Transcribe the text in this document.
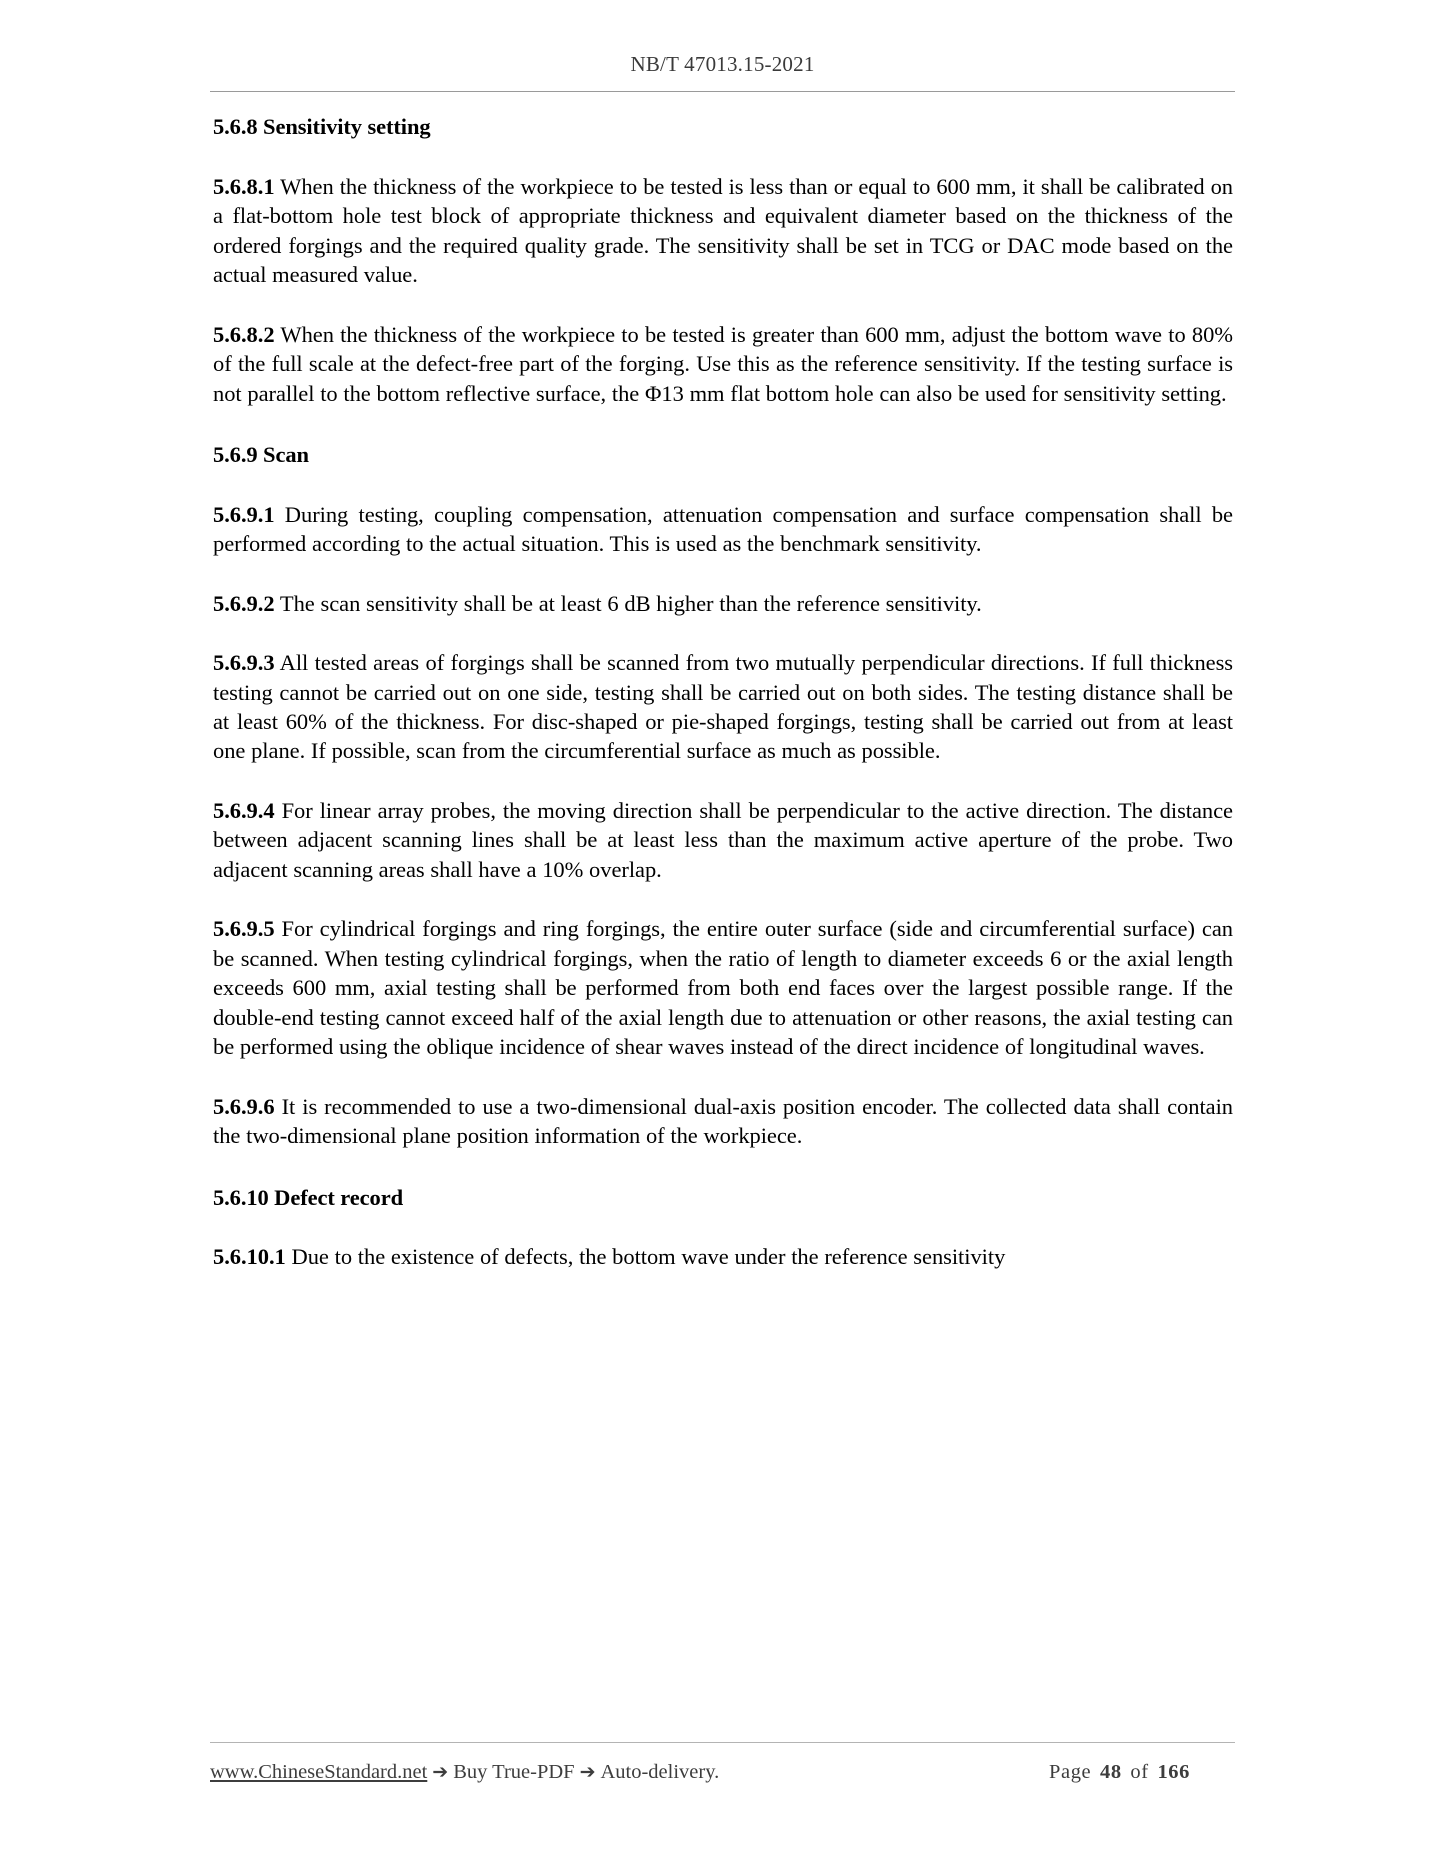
NB/T 47013.15-2021
5.6.8 Sensitivity setting

5.6.8.1 When the thickness of the workpiece to be tested is less than or equal to 600 mm, it shall be calibrated on a flat-bottom hole test block of appropriate thickness and equivalent diameter based on the thickness of the ordered forgings and the required quality grade. The sensitivity shall be set in TCG or DAC mode based on the actual measured value.

5.6.8.2 When the thickness of the workpiece to be tested is greater than 600 mm, adjust the bottom wave to 80% of the full scale at the defect-free part of the forging. Use this as the reference sensitivity. If the testing surface is not parallel to the bottom reflective surface, the Φ13 mm flat bottom hole can also be used for sensitivity setting.

5.6.9 Scan

5.6.9.1 During testing, coupling compensation, attenuation compensation and surface compensation shall be performed according to the actual situation. This is used as the benchmark sensitivity.

5.6.9.2 The scan sensitivity shall be at least 6 dB higher than the reference sensitivity.

5.6.9.3 All tested areas of forgings shall be scanned from two mutually perpendicular directions. If full thickness testing cannot be carried out on one side, testing shall be carried out on both sides. The testing distance shall be at least 60% of the thickness. For disc-shaped or pie-shaped forgings, testing shall be carried out from at least one plane. If possible, scan from the circumferential surface as much as possible.

5.6.9.4 For linear array probes, the moving direction shall be perpendicular to the active direction. The distance between adjacent scanning lines shall be at least less than the maximum active aperture of the probe. Two adjacent scanning areas shall have a 10% overlap.

5.6.9.5 For cylindrical forgings and ring forgings, the entire outer surface (side and circumferential surface) can be scanned. When testing cylindrical forgings, when the ratio of length to diameter exceeds 6 or the axial length exceeds 600 mm, axial testing shall be performed from both end faces over the largest possible range. If the double-end testing cannot exceed half of the axial length due to attenuation or other reasons, the axial testing can be performed using the oblique incidence of shear waves instead of the direct incidence of longitudinal waves.

5.6.9.6 It is recommended to use a two-dimensional dual-axis position encoder. The collected data shall contain the two-dimensional plane position information of the workpiece.

5.6.10 Defect record

5.6.10.1 Due to the existence of defects, the bottom wave under the reference sensitivity

www.ChineseStandard.net ➔ Buy True-PDF ➔ Auto-delivery.	Page 48 of 166
